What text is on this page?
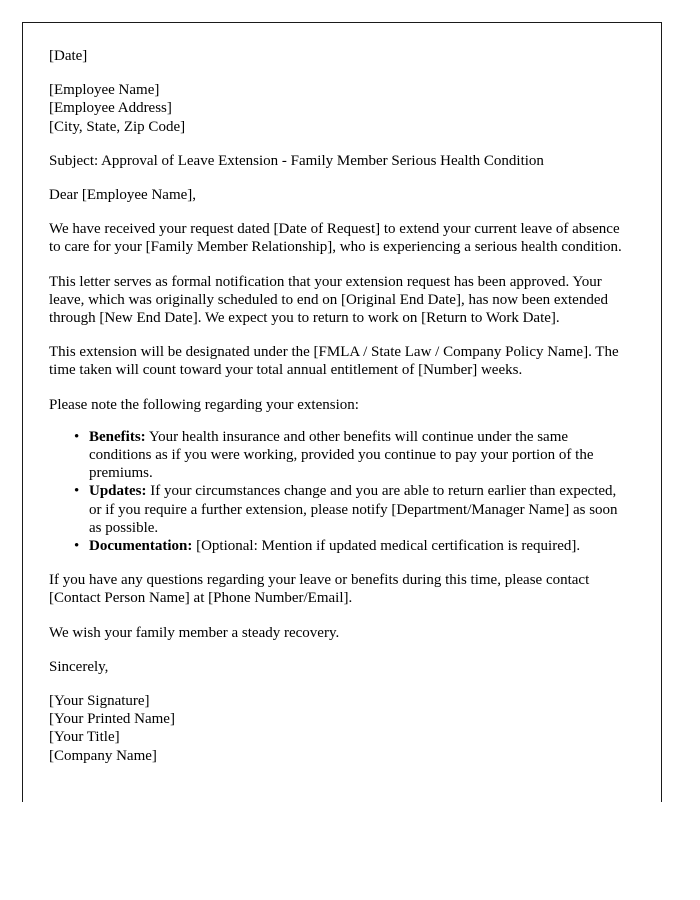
[Date]

[Employee Name]
[Employee Address]
[City, State, Zip Code]

Subject: Approval of Leave Extension - Family Member Serious Health Condition

Dear [Employee Name],

We have received your request dated [Date of Request] to extend your current leave of absence to care for your [Family Member Relationship], who is experiencing a serious health condition.

This letter serves as formal notification that your extension request has been approved. Your leave, which was originally scheduled to end on [Original End Date], has now been extended through [New End Date]. We expect you to return to work on [Return to Work Date].

This extension will be designated under the [FMLA / State Law / Company Policy Name]. The time taken will count toward your total annual entitlement of [Number] weeks.

Please note the following regarding your extension:

• Benefits: Your health insurance and other benefits will continue under the same conditions as if you were working, provided you continue to pay your portion of the premiums.
• Updates: If your circumstances change and you are able to return earlier than expected, or if you require a further extension, please notify [Department/Manager Name] as soon as possible.
• Documentation: [Optional: Mention if updated medical certification is required].

If you have any questions regarding your leave or benefits during this time, please contact [Contact Person Name] at [Phone Number/Email].

We wish your family member a steady recovery.

Sincerely,

[Your Signature]
[Your Printed Name]
[Your Title]
[Company Name]
